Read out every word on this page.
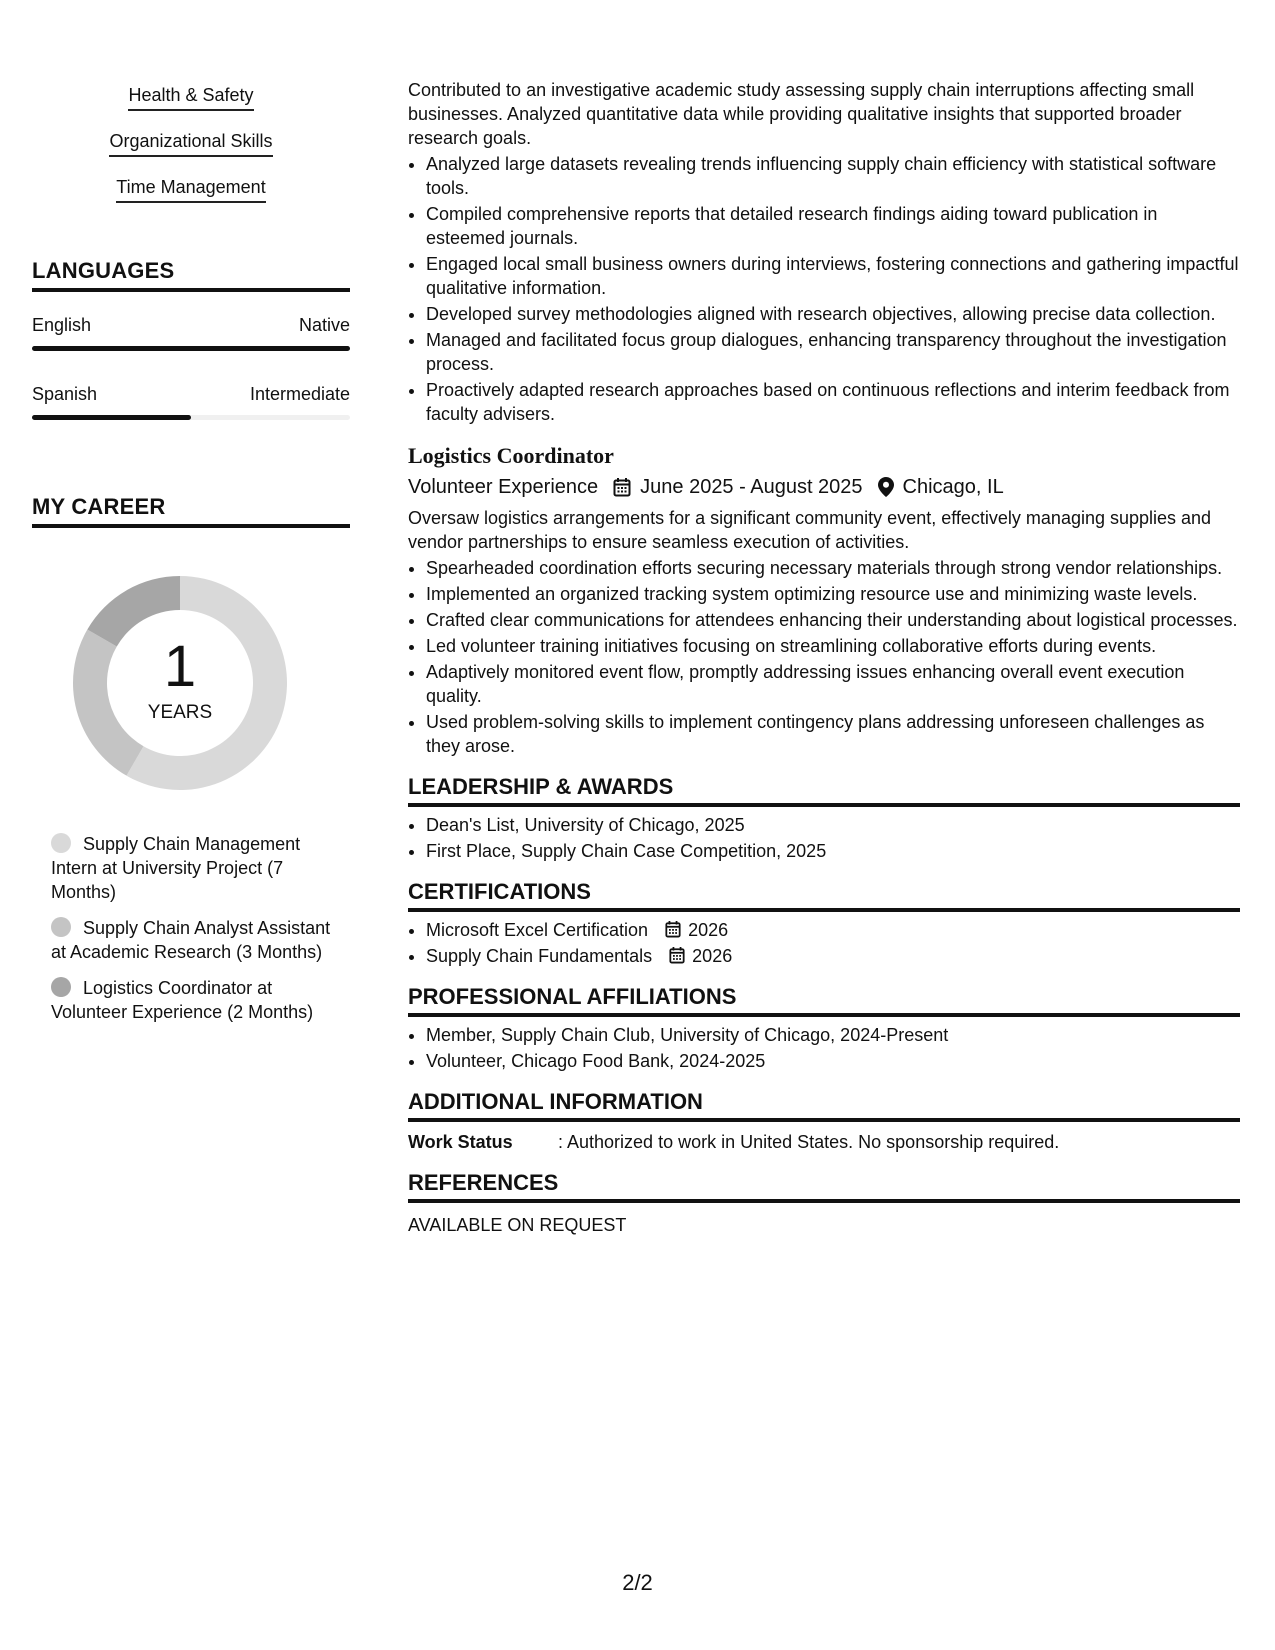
Health & Safety
Organizational Skills
Time Management
LANGUAGES
English	Native
Spanish	Intermediate
MY CAREER
1
YEARS
Supply Chain Management Intern at University Project (7 Months)
Supply Chain Analyst Assistant at Academic Research (3 Months)
Logistics Coordinator at Volunteer Experience (2 Months)

Contributed to an investigative academic study assessing supply chain interruptions affecting small businesses. Analyzed quantitative data while providing qualitative insights that supported broader research goals.

• Analyzed large datasets revealing trends influencing supply chain efficiency with statistical software tools.
• Compiled comprehensive reports that detailed research findings aiding toward publication in esteemed journals.
• Engaged local small business owners during interviews, fostering connections and gathering impactful qualitative information.
• Developed survey methodologies aligned with research objectives, allowing precise data collection.
• Managed and facilitated focus group dialogues, enhancing transparency throughout the investigation process.
• Proactively adapted research approaches based on continuous reflections and interim feedback from faculty advisers.
Logistics Coordinator
Volunteer Experience June 2025 - August 2025 Chicago, IL

Oversaw logistics arrangements for a significant community event, effectively managing supplies and vendor partnerships to ensure seamless execution of activities.

• Spearheaded coordination efforts securing necessary materials through strong vendor relationships.
• Implemented an organized tracking system optimizing resource use and minimizing waste levels.
• Crafted clear communications for attendees enhancing their understanding about logistical processes.
• Led volunteer training initiatives focusing on streamlining collaborative efforts during events.
• Adaptively monitored event flow, promptly addressing issues enhancing overall event execution quality.
• Used problem-solving skills to implement contingency plans addressing unforeseen challenges as they arose.
LEADERSHIP & AWARDS
• Dean's List, University of Chicago, 2025
• First Place, Supply Chain Case Competition, 2025
CERTIFICATIONS
• Microsoft Excel Certification 2026
• Supply Chain Fundamentals 2026
PROFESSIONAL AFFILIATIONS
• Member, Supply Chain Club, University of Chicago, 2024-Present
• Volunteer, Chicago Food Bank, 2024-2025
ADDITIONAL INFORMATION
Work Status	: Authorized to work in United States. No sponsorship required.
REFERENCES
AVAILABLE ON REQUEST
2/2
